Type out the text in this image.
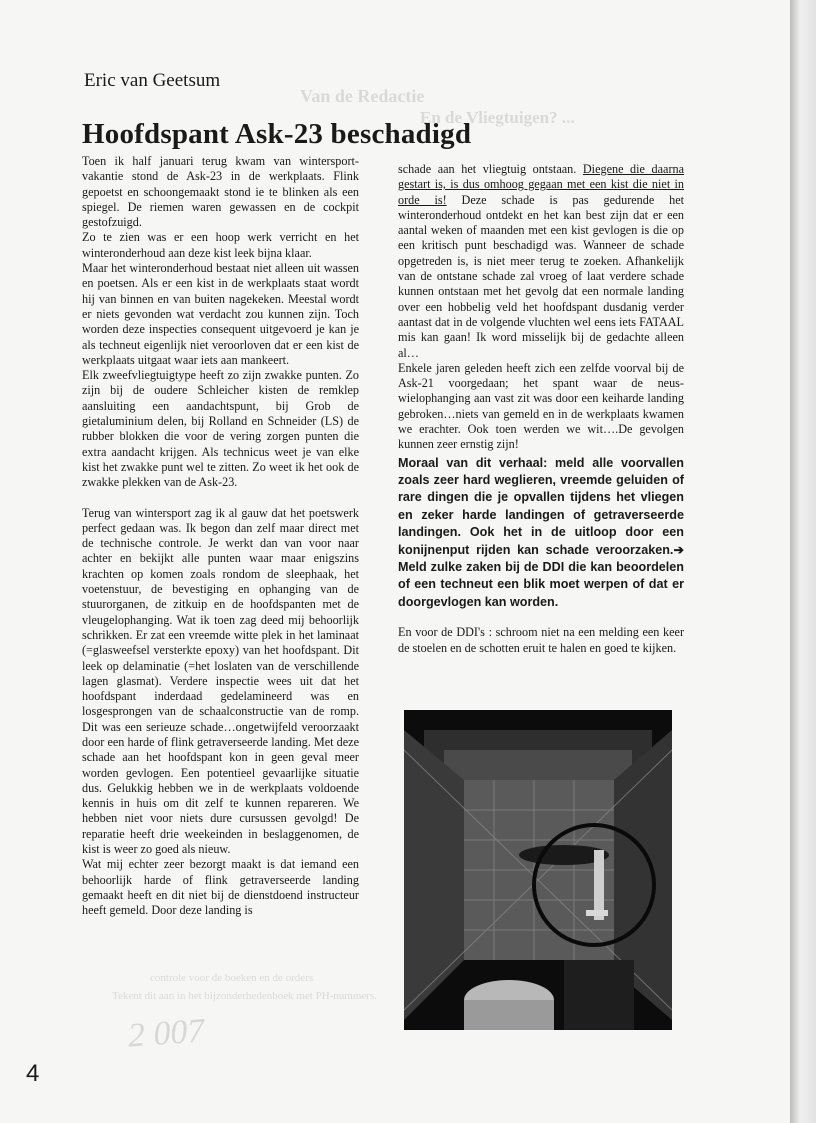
Van de Redactie
En de Vliegtuigen? ...
controle voor de boeken en de orders
Tekent dit aan in het bijzonderhedenboek met PH-nummers.
Eric van Geetsum
Hoofdspant Ask-23 beschadigd

Toen ik half januari terug kwam van wintersport-vakantie stond de Ask-23 in de werkplaats. Flink gepoetst en schoongemaakt stond ie te blinken als een spiegel. De riemen waren gewassen en de cockpit gestofzuigd.

Zo te zien was er een hoop werk verricht en het winteronderhoud aan deze kist leek bijna klaar.

Maar het winteronderhoud bestaat niet alleen uit wassen en poetsen. Als er een kist in de werkplaats staat wordt hij van binnen en van buiten nagekeken. Meestal wordt er niets gevonden wat verdacht zou kunnen zijn. Toch worden deze inspecties consequent uitgevoerd je kan je als techneut eigenlijk niet veroorloven dat er een kist de werkplaats uitgaat waar iets aan mankeert.

Elk zweefvliegtuigtype heeft zo zijn zwakke punten. Zo zijn bij de oudere Schleicher kisten de remklep aansluiting een aandachtspunt, bij Grob de gietaluminium delen, bij Rolland en Schneider (LS) de rubber blokken die voor de vering zorgen punten die extra aandacht krijgen. Als technicus weet je van elke kist het zwakke punt wel te zitten. Zo weet ik het ook de zwakke plekken van de Ask-23.

Terug van wintersport zag ik al gauw dat het poetswerk perfect gedaan was. Ik begon dan zelf maar direct met de technische controle. Je werkt dan van voor naar achter en bekijkt alle punten waar maar enigszins krachten op komen zoals rondom de sleephaak, het voetenstuur, de bevestiging en ophanging van de stuurorganen, de zitkuip en de hoofdspanten met de vleugelophanging. Wat ik toen zag deed mij behoorlijk schrikken. Er zat een vreemde witte plek in het laminaat (=glasweefsel versterkte epoxy) van het hoofdspant. Dit leek op delaminatie (=het loslaten van de verschillende lagen glasmat). Verdere inspectie wees uit dat het hoofdspant inderdaad gedelamineerd was en losgesprongen van de schaalconstructie van de romp. Dit was een serieuze schade…ongetwijfeld veroorzaakt door een harde of flink getraverseerde landing. Met deze schade aan het hoofdspant kon in geen geval meer worden gevlogen. Een potentieel gevaarlijke situatie dus. Gelukkig hebben we in de werkplaats voldoende kennis in huis om dit zelf te kunnen repareren. We hebben niet voor niets dure cursussen gevolgd! De reparatie heeft drie weekeinden in beslaggenomen, de kist is weer zo goed als nieuw.

Wat mij echter zeer bezorgt maakt is dat iemand een behoorlijk harde of flink getraverseerde landing gemaakt heeft en dit niet bij de dienstdoend instructeur heeft gemeld. Door deze landing is

schade aan het vliegtuig ontstaan. Diegene die daarna gestart is, is dus omhoog gegaan met een kist die niet in orde is! Deze schade is pas gedurende het winteronderhoud ontdekt en het kan best zijn dat er een aantal weken of maanden met een kist gevlogen is die op een kritisch punt beschadigd was. Wanneer de schade opgetreden is, is niet meer terug te zoeken. Afhankelijk van de ontstane schade zal vroeg of laat verdere schade kunnen ontstaan met het gevolg dat een normale landing over een hobbelig veld het hoofdspant dusdanig verder aantast dat in de volgende vluchten wel eens iets FATAAL mis kan gaan! Ik word misselijk bij de gedachte alleen al…

Enkele jaren geleden heeft zich een zelfde voorval bij de Ask-21 voorgedaan; het spant waar de neus-wielophanging aan vast zit was door een keiharde landing gebroken…niets van gemeld en in de werkplaats kwamen we erachter. Ook toen werden we wit….De gevolgen kunnen zeer ernstig zijn!

Moraal van dit verhaal: meld alle voorvallen zoals zeer hard weglieren, vreemde geluiden of rare dingen die je opvallen tijdens het vliegen en zeker harde landingen of getraverseerde landingen. Ook het in de uitloop door een konijnenput rijden kan schade veroorzaken.➔ Meld zulke zaken bij de DDI die kan beoordelen of een techneut een blik moet werpen of dat er doorgevlogen kan worden.

En voor de DDI's : schroom niet na een melding een keer de stoelen en de schotten eruit te halen en goed te kijken.

2 007
4
